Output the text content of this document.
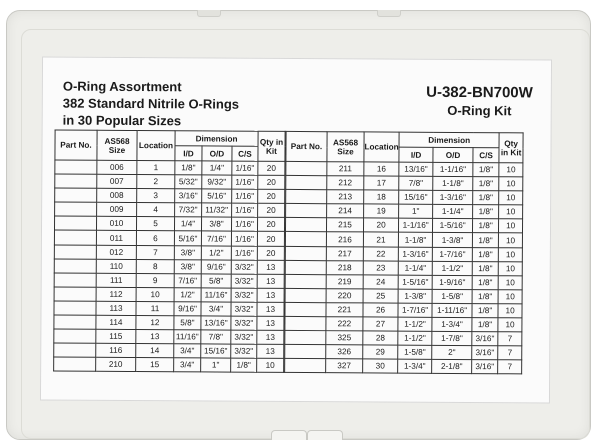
O-Ring Assortment
382 Standard Nitrile O-Rings
in 30 Popular Sizes
U-382-BN700W
O-Ring Kit
Part No.	AS568 Size	Location	Dimension			Qty in Kit
			I/D	O/D	C/S	
	006	1	1/8"	1/4"	1/16"	20
	007	2	5/32"	9/32"	1/16"	20
	008	3	3/16"	5/16"	1/16"	20
	009	4	7/32"	11/32"	1/16"	20
	010	5	1/4"	3/8"	1/16"	20
	011	6	5/16"	7/16"	1/16"	20
	012	7	3/8"	1/2"	1/16"	20
	110	8	3/8"	9/16"	3/32"	13
	111	9	7/16"	5/8"	3/32"	13
	112	10	1/2"	11/16"	3/32"	13
	113	11	9/16"	3/4"	3/32"	13
	114	12	5/8"	13/16"	3/32"	13
	115	13	11/16"	7/8"	3/32"	13
	116	14	3/4"	15/16"	3/32"	13
	210	15	3/4"	1"	1/8"	10
Part No.	AS568 Size	Location	Dimension			Qty in Kit
			I/D	O/D	C/S	
	211	16	13/16"	1-1/16"	1/8"	10
	212	17	7/8"	1-1/8"	1/8"	10
	213	18	15/16"	1-3/16"	1/8"	10
	214	19	1"	1-1/4"	1/8"	10
	215	20	1-1/16"	1-5/16"	1/8"	10
	216	21	1-1/8"	1-3/8"	1/8"	10
	217	22	1-3/16"	1-7/16"	1/8"	10
	218	23	1-1/4"	1-1/2"	1/8"	10
	219	24	1-5/16"	1-9/16"	1/8"	10
	220	25	1-3/8"	1-5/8"	1/8"	10
	221	26	1-7/16"	1-11/16"	1/8"	10
	222	27	1-1/2"	1-3/4"	1/8"	10
	325	28	1-1/2"	1-7/8"	3/16"	7
	326	29	1-5/8"	2"	3/16"	7
	327	30	1-3/4"	2-1/8"	3/16"	7
